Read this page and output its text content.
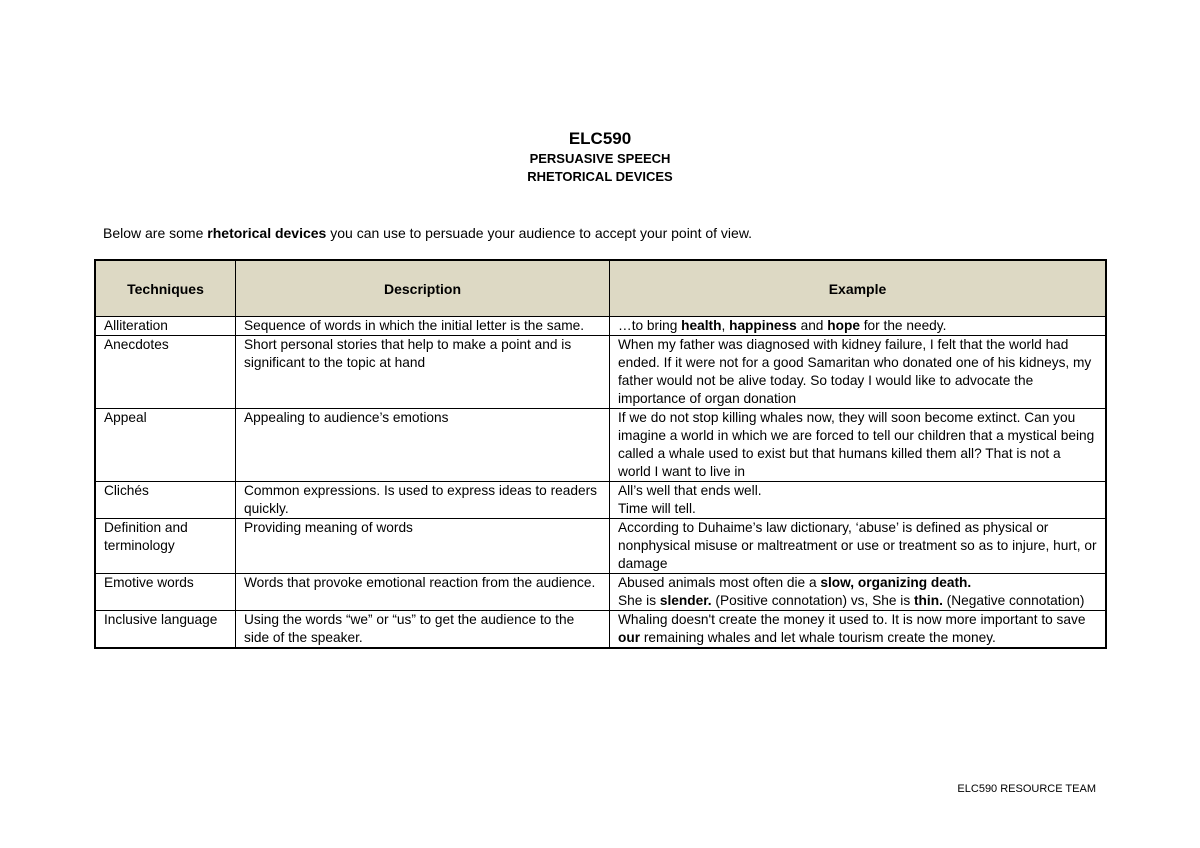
ELC590
PERSUASIVE SPEECH
RHETORICAL DEVICES
Below are some rhetorical devices you can use to persuade your audience to accept your point of view.
Techniques	Description	Example
Alliteration	Sequence of words in which the initial letter is the same.	…to bring health, happiness and hope for the needy.
Anecdotes	Short personal stories that help to make a point and is significant to the topic at hand	When my father was diagnosed with kidney failure, I felt that the world had ended. If it were not for a good Samaritan who donated one of his kidneys, my father would not be alive today. So today I would like to advocate the importance of organ donation
Appeal	Appealing to audience’s emotions	If we do not stop killing whales now, they will soon become extinct. Can you imagine a world in which we are forced to tell our children that a mystical being called a whale used to exist but that humans killed them all? That is not a world I want to live in
Clichés	Common expressions. Is used to express ideas to readers quickly.	All’s well that ends well.
Time will tell.
Definition and terminology	Providing meaning of words	According to Duhaime’s law dictionary, ‘abuse’ is defined as physical or nonphysical misuse or maltreatment or use or treatment so as to injure, hurt, or damage
Emotive words	Words that provoke emotional reaction from the audience.	Abused animals most often die a slow, organizing death.
She is slender. (Positive connotation) vs, She is thin. (Negative connotation)
Inclusive language	Using the words “we” or “us” to get the audience to the side of the speaker.	Whaling doesn't create the money it used to. It is now more important to save our remaining whales and let whale tourism create the money.
ELC590 RESOURCE TEAM
